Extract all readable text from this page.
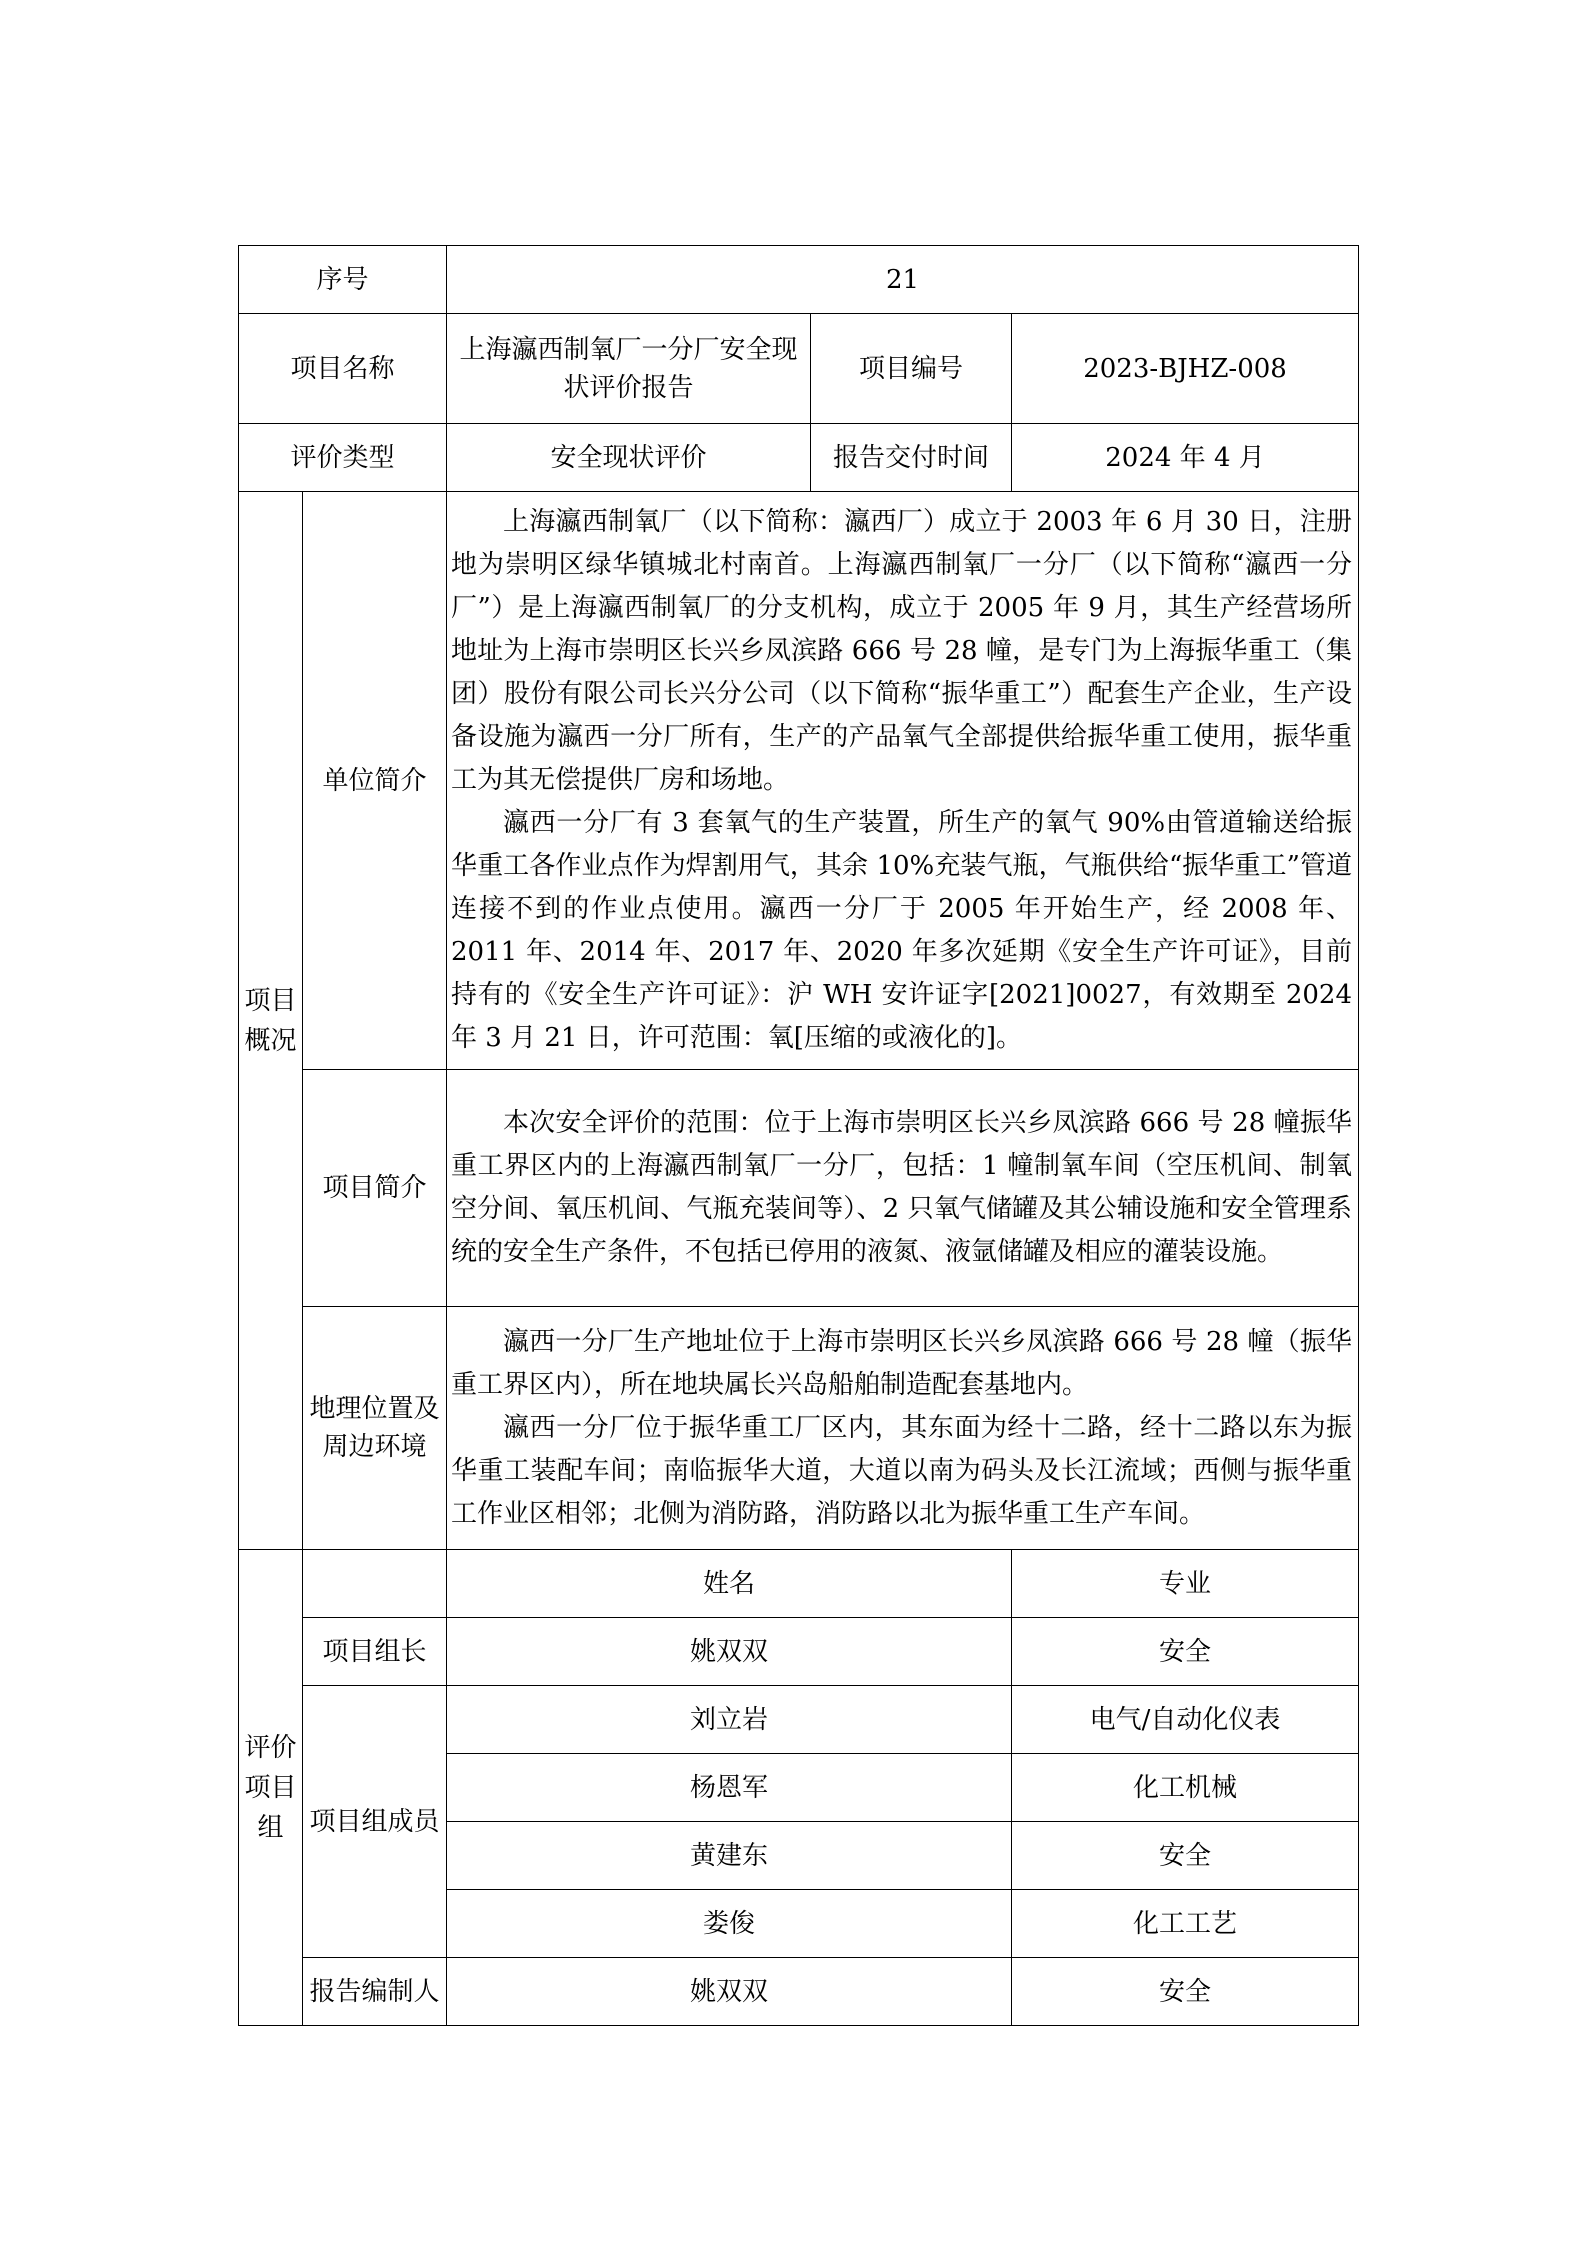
序号		21		
项目名称		上海瀛西制氧厂一分厂安全现状评价报告	项目编号	2023-BJHZ-008
评价类型		安全现状评价	报告交付时间	2024 年 4 月
项目概况	单位简介	上海瀛西制氧厂（以下简称：瀛西厂）成立于 2003 年 6 月 30 日，注册地为崇明区绿华镇城北村南首。上海瀛西制氧厂一分厂（以下简称“瀛西一分厂”）是上海瀛西制氧厂的分支机构，成立于 2005 年 9 月，其生产经营场所地址为上海市崇明区长兴乡凤滨路 666 号 28 幢，是专门为上海振华重工（集团）股份有限公司长兴分公司（以下简称“振华重工”）配套生产企业，生产设备设施为瀛西一分厂所有，生产的产品氧气全部提供给振华重工使用，振华重工为其无偿提供厂房和场地。

瀛西一分厂有 3 套氧气的生产装置，所生产的氧气 90%由管道输送给振华重工各作业点作为焊割用气，其余 10%充装气瓶，气瓶供给“振华重工”管道连接不到的作业点使用。瀛西一分厂于 2005 年开始生产，经 2008 年、2011 年、2014 年、2017 年、2020 年多次延期《安全生产许可证》，目前持有的《安全生产许可证》：沪 WH 安许证字[2021]0027，有效期至 2024 年 3 月 21 日，许可范围：氧[压缩的或液化的]。		

	项目简介	本次安全评价的范围：位于上海市崇明区长兴乡凤滨路 666 号 28 幢振华重工界区内的上海瀛西制氧厂一分厂，包括：1 幢制氧车间（空压机间、制氧空分间、氧压机间、气瓶充装间等）、2 只氧气储罐及其公辅设施和安全管理系统的安全生产条件，不包括已停用的液氮、液氩储罐及相应的灌装设施。		

	地理位置及周边环境	瀛西一分厂生产地址位于上海市崇明区长兴乡凤滨路 666 号 28 幢（振华重工界区内），所在地块属长兴岛船舶制造配套基地内。

瀛西一分厂位于振华重工厂区内，其东面为经十二路，经十二路以东为振华重工装配车间；南临振华大道，大道以南为码头及长江流域；西侧与振华重工作业区相邻；北侧为消防路，消防路以北为振华重工生产车间。		

评价项目组		姓名		专业
	项目组长	姚双双		安全
	项目组成员	刘立岩		电气/自动化仪表
		杨恩军		化工机械
		黄建东		安全
		娄俊		化工工艺
	报告编制人	姚双双		安全
